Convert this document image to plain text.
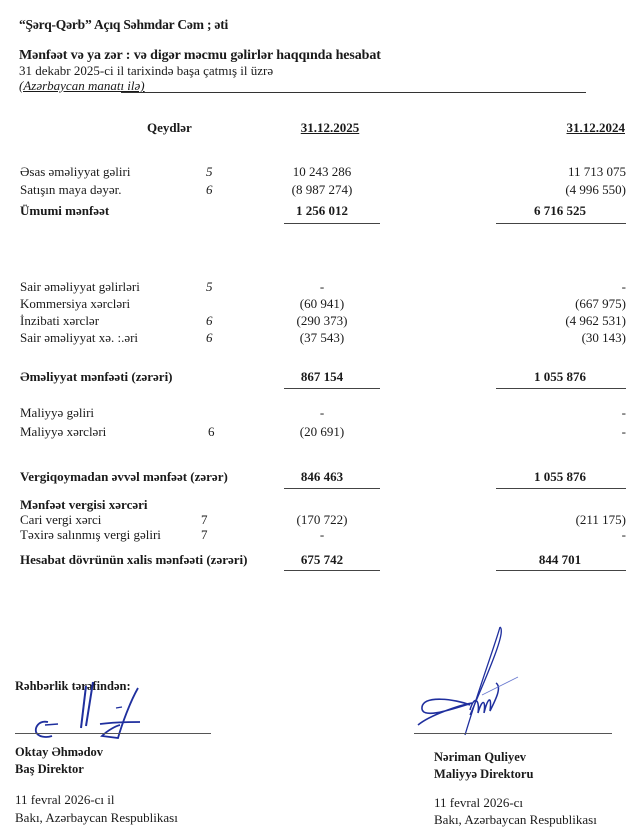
“Şərq-Qərb” Açıq Səhmdar Cəm ; əti
Mənfəət və ya zər : və digər məcmu gəlirlər haqqında hesabat
31 dekabr 2025-ci il tarixində başa çatmış il üzrə
(Azərbaycan manatı ilə)
Qeydlər	31.12.2025	31.12.2024
Əsas əməliyyat gəliri	5	10 243 286	11 713 075
Satışın maya dəyər.	6	(8 987 274)	(4 996 550)
Ümumi mənfəət	1 256 012	6 716 525
Sair əməliyyat gəlirləri	5	-	-
Kommersiya xərcləri	(60 941)	(667 975)
İnzibati xərclər	6	(290 373)	(4 962 531)
Sair əməliyyat xə. :.əri	6	(37 543)	(30 143)
Əməliyyat mənfəəti (zərəri)	867 154	1 055 876
Maliyyə gəliri	-	-
Maliyyə xərcləri	6	(20 691)	-
Vergiqoymadan əvvəl mənfəət (zərər)	846 463	1 055 876
Mənfəət vergisi xərcəri
Cari vergi xərci	7	(170 722)	(211 175)
Təxirə salınmış vergi gəliri	7	-	-
Hesabat dövrünün xalis mənfəəti (zərəri)	675 742	844 701
Rəhbərlik tərəfindən:
Oktay Əhmədov
Baş Direktor
11 fevral 2026-cı il
Bakı, Azərbaycan Respublikası
Nəriman Quliyev
Maliyyə Direktoru
11 fevral 2026-cı
Bakı, Azərbaycan Respublikası
